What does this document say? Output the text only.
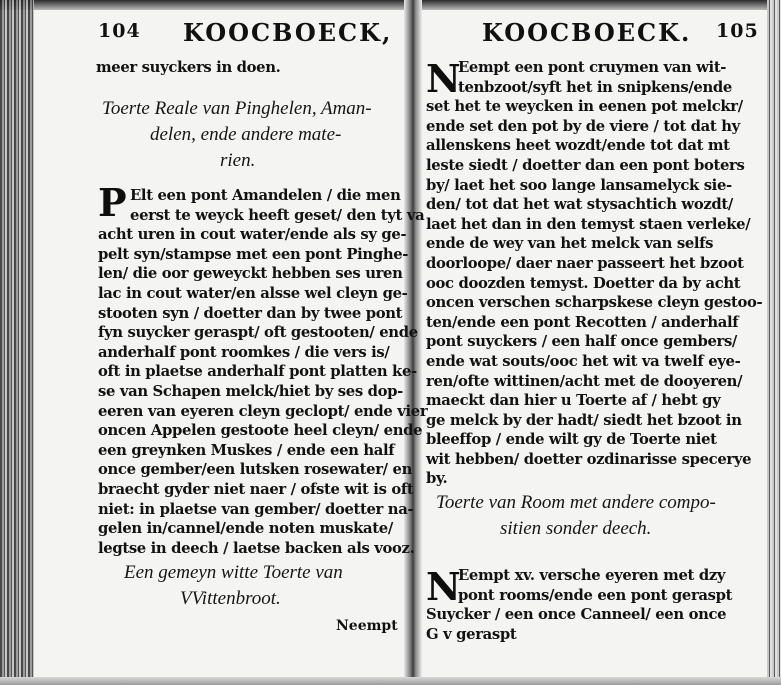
104 KOOCBOECK,
meer suyckers in doen.
Toerte Reale van Pinghelen, Aman-
delen, ende andere mate-
rien.
P Elt een pont Amandelen / die men
eerst te weyck heeft geset/ den tyt va
acht uren in cout water/ende als sy ge-
pelt syn/stampse met een pont Pinghe-
len/ die oor geweyckt hebben ses uren
lac in cout water/en alsse wel cleyn ge-
stooten syn / doetter dan by twee pont
fyn suycker geraspt/ oft gestooten/ ende
anderhalf pont roomkes / die vers is/
oft in plaetse anderhalf pont platten ke-
se van Schapen melck/hiet by ses dop-
eeren van eyeren cleyn geclopt/ ende vier
oncen Appelen gestoote heel cleyn/ ende
een greynken Muskes / ende een half
once gember/een lutsken rosewater/ en
braecht gyder niet naer / ofste wit is oft
niet: in plaetse van gember/ doetter na-
gelen in/cannel/ende noten muskate/
legtse in deech / laetse backen als vooz.
Een gemeyn witte Toerte van
VVittenbroot.
Neempt
KOOCBOECK. 105
N
Eempt een pont cruymen van wit-
tenbzoot/syft het in snipkens/ende
set het te weycken in eenen pot melckr/
ende set den pot by de viere / tot dat hy
allenskens heet wozdt/ende tot dat mt
leste siedt / doetter dan een pont boters
by/ laet het soo lange lansamelyck sie-
den/ tot dat het wat stysachtich wozdt/
laet het dan in den temyst staen verleke/
ende de wey van het melck van selfs
doorloope/ daer naer passeert het bzoot
ooc doozden temyst. Doetter da by acht
oncen verschen scharpskese cleyn gestoo-
ten/ende een pont Recotten / anderhalf
pont suyckers / een half once gembers/
ende wat souts/ooc het wit va twelf eye-
ren/ofte wittinen/acht met de dooyeren/
maeckt dan hier u Toerte af / hebt gy
ge melck by der hadt/ siedt het bzoot in
bleeffop / ende wilt gy de Toerte niet
wit hebben/ doetter ozdinarisse specerye
by.
Toerte van Room met andere compo-
sitien sonder deech.
N
Eempt xv. versche eyeren met dzy
pont rooms/ende een pont geraspt
Suycker / een once Canneel/ een once
G v geraspt
